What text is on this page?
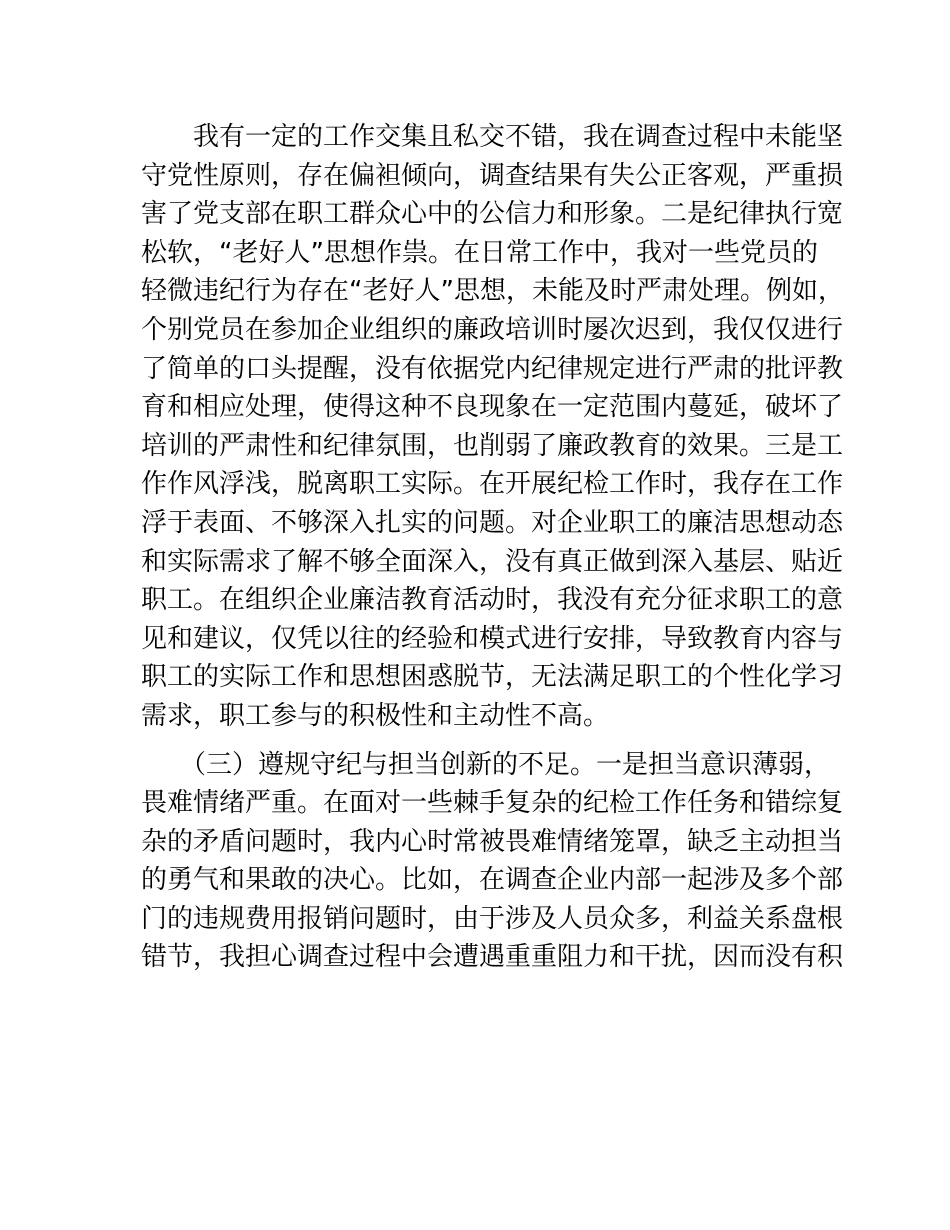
　　我有一定的工作交集且私交不错，我在调查过程中未能坚
守党性原则，存在偏袒倾向，调查结果有失公正客观，严重损
害了党支部在职工群众心中的公信力和形象。二是纪律执行宽
松软，“老好人”思想作祟。在日常工作中，我对一些党员的
轻微违纪行为存在“老好人”思想，未能及时严肃处理。例如，
个别党员在参加企业组织的廉政培训时屡次迟到，我仅仅进行
了简单的口头提醒，没有依据党内纪律规定进行严肃的批评教
育和相应处理，使得这种不良现象在一定范围内蔓延，破坏了
培训的严肃性和纪律氛围，也削弱了廉政教育的效果。三是工
作作风浮浅，脱离职工实际。在开展纪检工作时，我存在工作
浮于表面、不够深入扎实的问题。对企业职工的廉洁思想动态
和实际需求了解不够全面深入，没有真正做到深入基层、贴近
职工。在组织企业廉洁教育活动时，我没有充分征求职工的意
见和建议，仅凭以往的经验和模式进行安排，导致教育内容与
职工的实际工作和思想困惑脱节，无法满足职工的个性化学习
需求，职工参与的积极性和主动性不高。
　　（三）遵规守纪与担当创新的不足。一是担当意识薄弱，
畏难情绪严重。在面对一些棘手复杂的纪检工作任务和错综复
杂的矛盾问题时，我内心时常被畏难情绪笼罩，缺乏主动担当
的勇气和果敢的决心。比如，在调查企业内部一起涉及多个部
门的违规费用报销问题时，由于涉及人员众多，利益关系盘根
错节，我担心调查过程中会遭遇重重阻力和干扰，因而没有积
